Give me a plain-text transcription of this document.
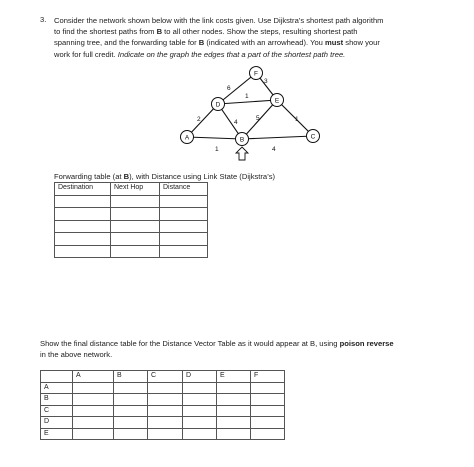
3. Consider the network shown below with the link costs given. Use Dijkstra’s shortest path algorithm
to find the shortest paths from B to all other nodes. Show the steps, resulting shortest path
spanning tree, and the forwarding table for B (indicated with an arrowhead). You must show your
work for full credit. Indicate on the graph the edges that a part of the shortest path tree.
6
3
1
2	4
5	1
1	4
F
D
E
A	B	C
Forwarding table (at B), with Distance using Link State (Dijkstra’s)
Destination	Next Hop	Distance

Show the final distance table for the Distance Vector Table as it would appear at B, using poison reverse
in the above network.
	A	B	C	D	E	F
A						
B						
C						
D						
E						
